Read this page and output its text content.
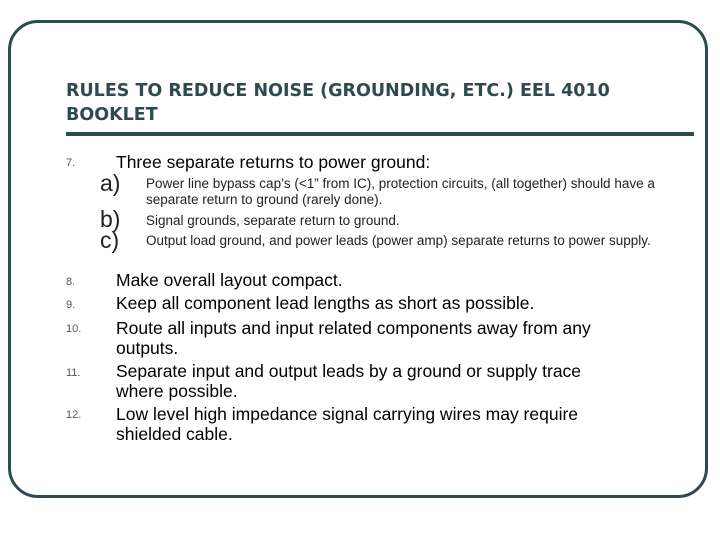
RULES TO REDUCE NOISE (GROUNDING, ETC.) EEL 4010 BOOKLET
7. Three separate returns to power ground:
a) Power line bypass cap’s (<1” from IC), protection circuits, (all together) should have a separate return to ground (rarely done).
b) Signal grounds, separate return to ground.
c) Output load ground, and power leads (power amp) separate returns to power supply.
8. Make overall layout compact.
9. Keep all component lead lengths as short as possible.
10. Route all inputs and input related components away from any outputs.
11. Separate input and output leads by a ground or supply trace where possible.
12. Low level high impedance signal carrying wires may require shielded cable.
